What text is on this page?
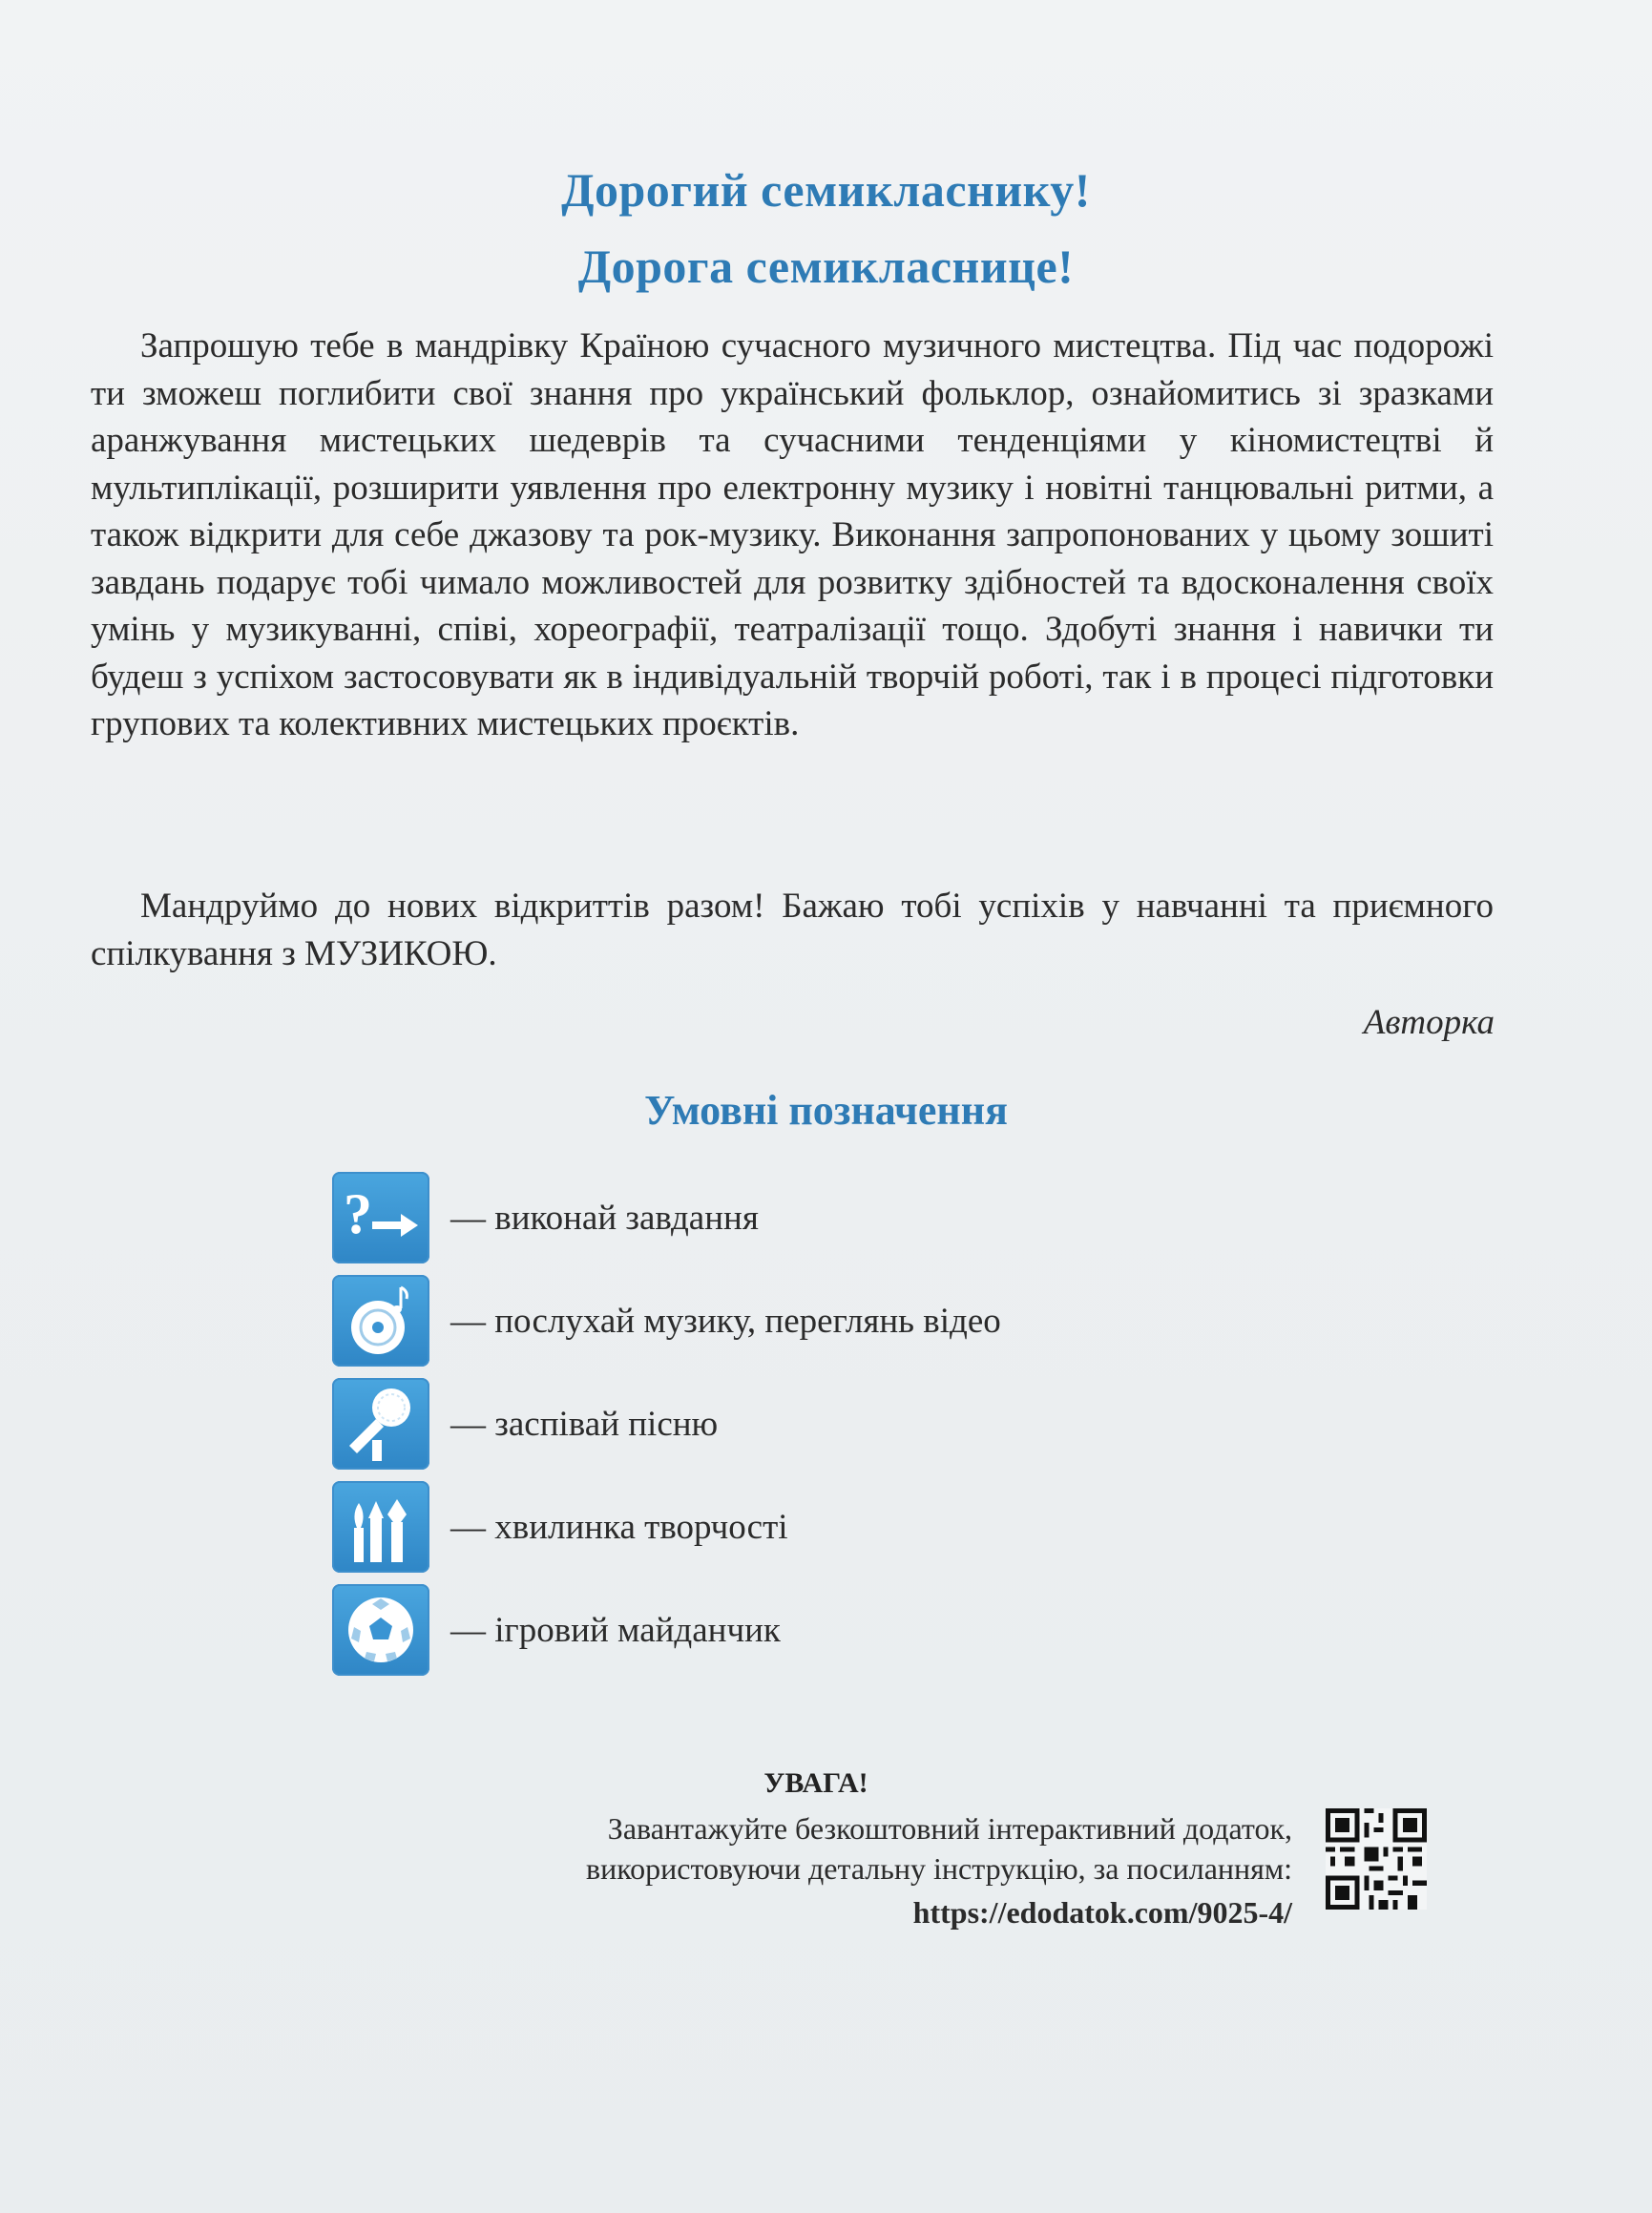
Дорогий семикласнику!
Дорога семикласнице!
Запрошую тебе в мандрівку Країною сучасного музичного мистецтва. Під час подорожі ти зможеш поглибити свої знання про український фольклор, ознайомитись зі зразками аранжування мистецьких шедеврів та сучасними тенденціями у кіномистецтві й мультиплікації, розширити уявлення про електронну музику і новітні танцювальні ритми, а також відкрити для себе джазову та рок-музику. Виконання запропонованих у цьому зошиті завдань подарує тобі чимало можливостей для розвитку здібностей та вдосконалення своїх умінь у музикуванні, співі, хореографії, театралізації тощо. Здобуті знання і навички ти будеш з успіхом застосовувати як в індивідуальній творчій роботі, так і в процесі підготовки групових та колективних мистецьких проєктів.
Мандруймо до нових відкриттів разом! Бажаю тобі успіхів у навчанні та приємного спілкування з МУЗИКОЮ.
Авторка
Умовні позначення
? — виконай завдання
— послухай музику, переглянь відео
— заспівай пісню
— хвилинка творчості
— ігровий майданчик
УВАГА!
Завантажуйте безкоштовний інтерактивний додаток,
використовуючи детальну інструкцію, за посиланням:
https://edodatok.com/9025-4/
